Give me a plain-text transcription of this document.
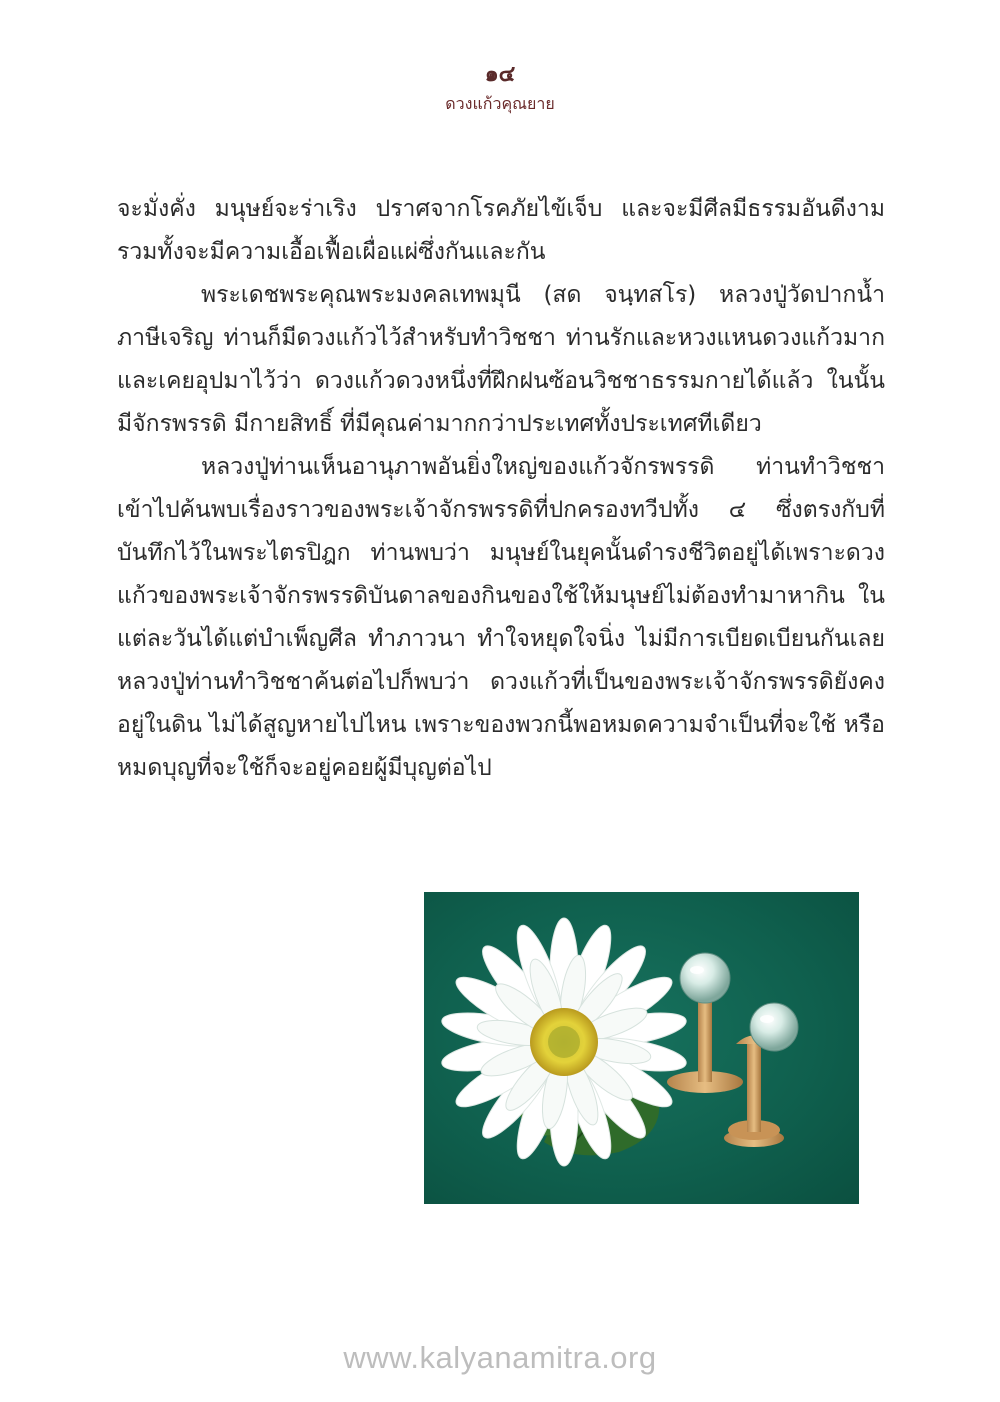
๑๔
ดวงแก้วคุณยาย

จะมั่งคั่ง มนุษย์จะร่าเริง ปราศจากโรคภัยไข้เจ็บ และจะมีศีลมีธรรมอันดีงาม รวมทั้งจะมีความเอื้อเฟื้อเผื่อแผ่ซึ่งกันและกัน

พระเดชพระคุณพระมงคลเทพมุนี (สด จนฺทสโร) หลวงปู่วัดปากน้ำ ภาษีเจริญ ท่านก็มีดวงแก้วไว้สำหรับทำวิชชา ท่านรักและหวงแหนดวงแก้วมาก และเคยอุปมาไว้ว่า ดวงแก้วดวงหนึ่งที่ฝึกฝนซ้อนวิชชาธรรมกายได้แล้ว ในนั้นมีจักรพรรดิ มีกายสิทธิ์ ที่มีคุณค่ามากกว่าประเทศทั้งประเทศทีเดียว

หลวงปู่ท่านเห็นอานุภาพอันยิ่งใหญ่ของแก้วจักรพรรดิ ท่านทำวิชชาเข้าไปค้นพบเรื่องราวของพระเจ้าจักรพรรดิที่ปกครองทวีปทั้ง ๔ ซึ่งตรงกับที่บันทึกไว้ในพระไตรปิฎก ท่านพบว่า มนุษย์ในยุคนั้นดำรงชีวิตอยู่ได้เพราะดวงแก้วของพระเจ้าจักรพรรดิบันดาลของกินของใช้ให้มนุษย์ไม่ต้องทำมาหากิน ในแต่ละวันได้แต่บำเพ็ญศีล ทำภาวนา ทำใจหยุดใจนิ่ง ไม่มีการเบียดเบียนกันเลย หลวงปู่ท่านทำวิชชาค้นต่อไปก็พบว่า ดวงแก้วที่เป็นของพระเจ้าจักรพรรดิยังคงอยู่ในดิน ไม่ได้สูญหายไปไหน เพราะของพวกนี้พอหมดความจำเป็นที่จะใช้ หรือหมดบุญที่จะใช้ก็จะอยู่คอยผู้มีบุญต่อไป

www.kalyanamitra.org
